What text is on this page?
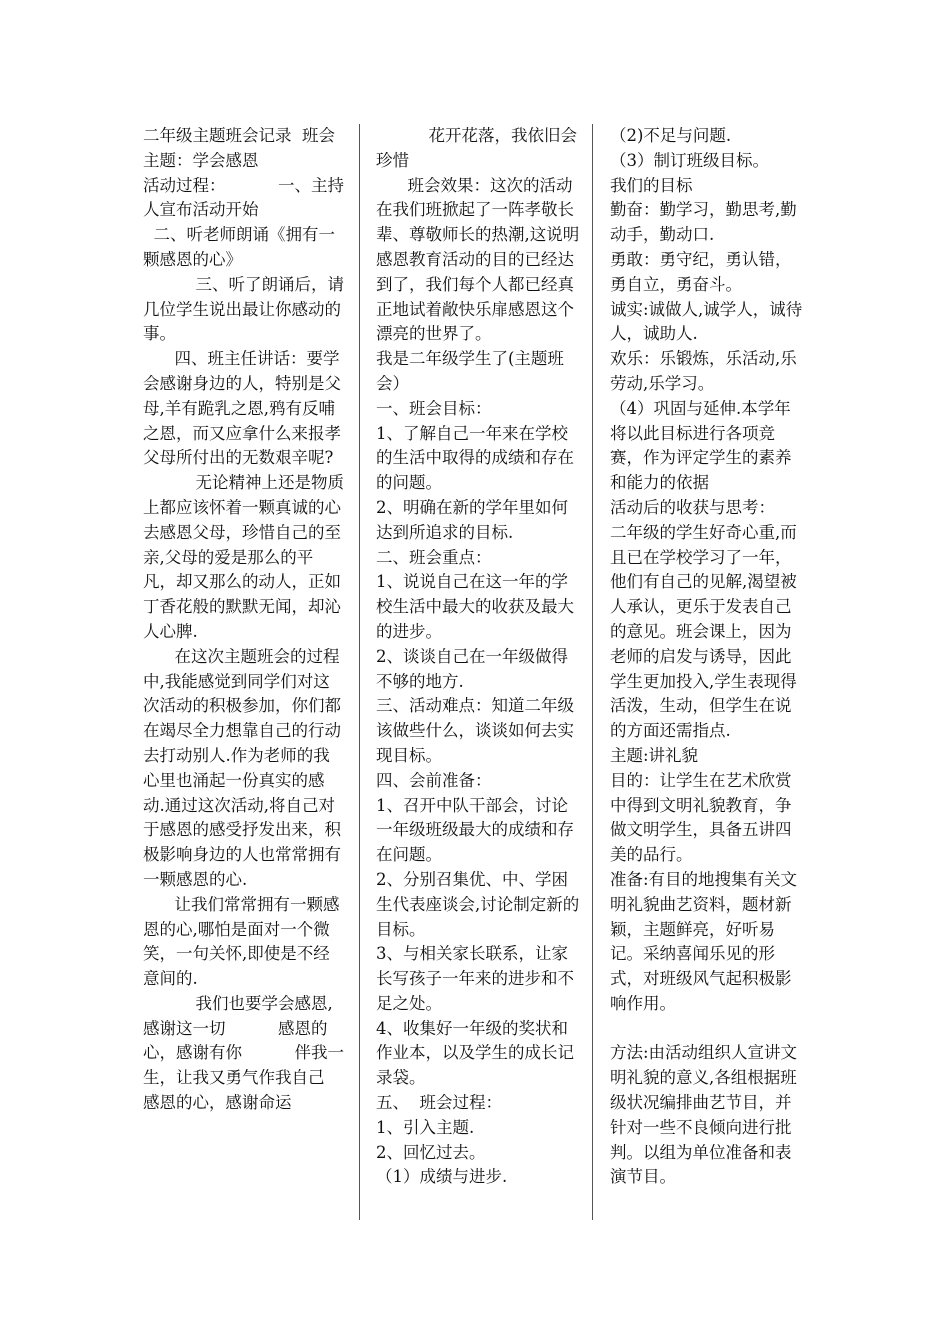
二年级主题班会记录  班会主题：学会感恩

活动过程：          一、主持人宣布活动开始

二、听老师朗诵《拥有一颗感恩的心》

三、听了朗诵后，请几位学生说出最让你感动的事。

四、班主任讲话：要学会感谢身边的人，特别是父母,羊有跪乳之恩,鸦有反哺之恩，而又应拿什么来报孝父母所付出的无数艰辛呢?

无论精神上还是物质上都应该怀着一颗真诚的心去感恩父母，珍惜自己的至亲,父母的爱是那么的平凡，却又那么的动人，正如丁香花般的默默无闻，却沁人心脾.

在这次主题班会的过程中,我能感觉到同学们对这次活动的积极参加，你们都在竭尽全力想靠自己的行动去打动别人.作为老师的我心里也涌起一份真实的感动.通过这次活动,将自己对于感恩的感受抒发出来，积极影响身边的人也常常拥有一颗感恩的心.

让我们常常拥有一颗感恩的心,哪怕是面对一个微笑，一句关怀,即使是不经意间的.

我们也要学会感恩,感谢这一切          感恩的心，感谢有你          伴我一生，让我又勇气作我自己          感恩的心，感谢命运

花开花落，我依旧会珍惜

班会效果：这次的活动在我们班掀起了一阵孝敬长辈、尊敬师长的热潮,这说明感恩教育活动的目的已经达到了，我们每个人都已经真正地试着敞快乐扉感恩这个漂亮的世界了。

我是二年级学生了(主题班会）

一、班会目标：

1、了解自己一年来在学校的生活中取得的成绩和存在的问题。

2、明确在新的学年里如何达到所追求的目标.

二、班会重点：

1、说说自己在这一年的学校生活中最大的收获及最大的进步。

2、谈谈自己在一年级做得不够的地方.

三、活动难点：知道二年级该做些什么，谈谈如何去实现目标。

四、会前准备：

1、召开中队干部会，讨论一年级班级最大的成绩和存在问题。

2、分别召集优、中、学困生代表座谈会,讨论制定新的目标。

3、与相关家长联系，让家长写孩子一年来的进步和不足之处。

4、收集好一年级的奖状和作业本，以及学生的成长记录袋。

五、  班会过程：

1、引入主题.

2、回忆过去。

（1）成绩与进步.

（2)不足与问题.

（3）制订班级目标。

我们的目标

勤奋：勤学习，勤思考,勤动手，勤动口.

勇敢：勇守纪，勇认错，勇自立，勇奋斗。

诚实:诚做人,诚学人，诚待人，诚助人.

欢乐：乐锻炼，乐活动,乐劳动,乐学习。

（4）巩固与延伸.本学年将以此目标进行各项竞赛，作为评定学生的素养和能力的依据

活动后的收获与思考：

二年级的学生好奇心重,而且已在学校学习了一年，他们有自己的见解,渴望被人承认，更乐于发表自己的意见。班会课上，因为老师的启发与诱导，因此学生更加投入,学生表现得活泼，生动，但学生在说的方面还需指点.

主题:讲礼貌

目的：让学生在艺术欣赏中得到文明礼貌教育，争做文明学生，具备五讲四美的品行。

准备:有目的地搜集有关文明礼貌曲艺资料，题材新颖，主题鲜亮，好听易记。采纳喜闻乐见的形式，对班级风气起积极影响作用。

方法:由活动组织人宣讲文明礼貌的意义,各组根据班级状况编排曲艺节目，并针对一些不良倾向进行批判。以组为单位准备和表演节目。
